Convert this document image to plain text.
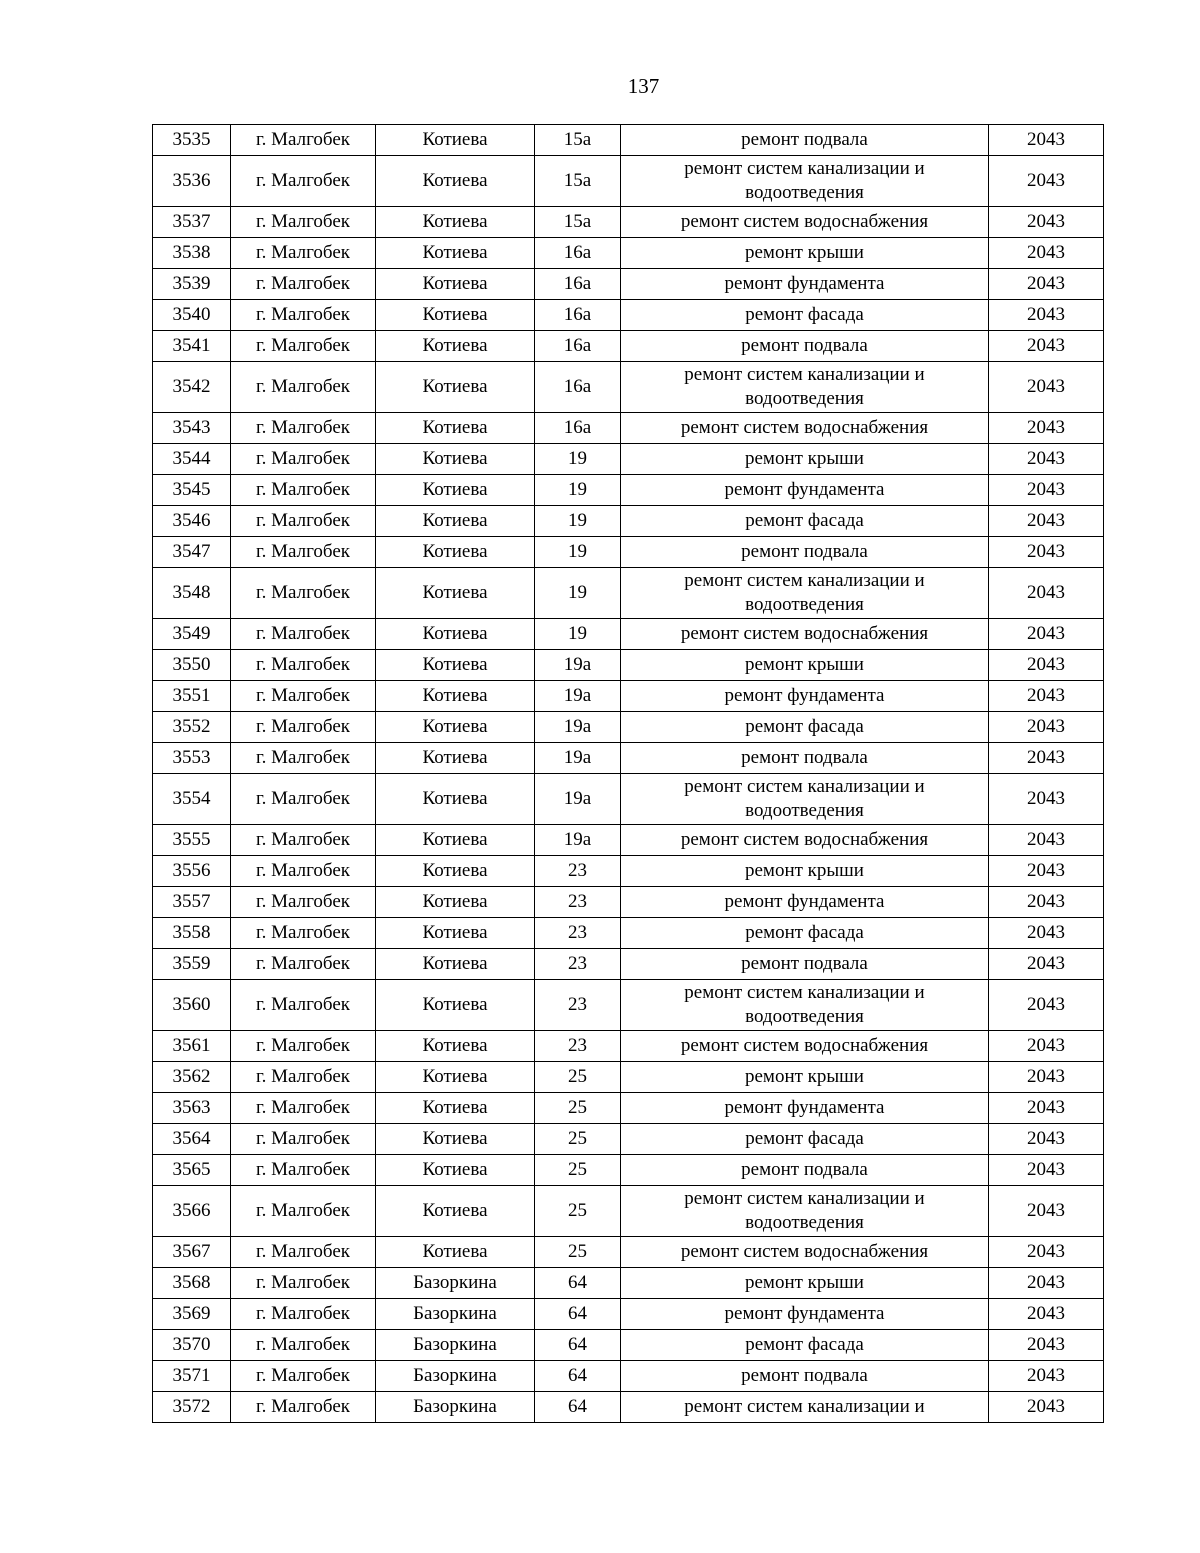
137
3535	г. Малгобек	Котиева	15а	ремонт подвала	2043
3536	г. Малгобек	Котиева	15а	ремонт систем канализации и водоотведения	2043
3537	г. Малгобек	Котиева	15а	ремонт систем водоснабжения	2043
3538	г. Малгобек	Котиева	16а	ремонт крыши	2043
3539	г. Малгобек	Котиева	16а	ремонт фундамента	2043
3540	г. Малгобек	Котиева	16а	ремонт фасада	2043
3541	г. Малгобек	Котиева	16а	ремонт подвала	2043
3542	г. Малгобек	Котиева	16а	ремонт систем канализации и водоотведения	2043
3543	г. Малгобек	Котиева	16а	ремонт систем водоснабжения	2043
3544	г. Малгобек	Котиева	19	ремонт крыши	2043
3545	г. Малгобек	Котиева	19	ремонт фундамента	2043
3546	г. Малгобек	Котиева	19	ремонт фасада	2043
3547	г. Малгобек	Котиева	19	ремонт подвала	2043
3548	г. Малгобек	Котиева	19	ремонт систем канализации и водоотведения	2043
3549	г. Малгобек	Котиева	19	ремонт систем водоснабжения	2043
3550	г. Малгобек	Котиева	19а	ремонт крыши	2043
3551	г. Малгобек	Котиева	19а	ремонт фундамента	2043
3552	г. Малгобек	Котиева	19а	ремонт фасада	2043
3553	г. Малгобек	Котиева	19а	ремонт подвала	2043
3554	г. Малгобек	Котиева	19а	ремонт систем канализации и водоотведения	2043
3555	г. Малгобек	Котиева	19а	ремонт систем водоснабжения	2043
3556	г. Малгобек	Котиева	23	ремонт крыши	2043
3557	г. Малгобек	Котиева	23	ремонт фундамента	2043
3558	г. Малгобек	Котиева	23	ремонт фасада	2043
3559	г. Малгобек	Котиева	23	ремонт подвала	2043
3560	г. Малгобек	Котиева	23	ремонт систем канализации и водоотведения	2043
3561	г. Малгобек	Котиева	23	ремонт систем водоснабжения	2043
3562	г. Малгобек	Котиева	25	ремонт крыши	2043
3563	г. Малгобек	Котиева	25	ремонт фундамента	2043
3564	г. Малгобек	Котиева	25	ремонт фасада	2043
3565	г. Малгобек	Котиева	25	ремонт подвала	2043
3566	г. Малгобек	Котиева	25	ремонт систем канализации и водоотведения	2043
3567	г. Малгобек	Котиева	25	ремонт систем водоснабжения	2043
3568	г. Малгобек	Базоркина	64	ремонт крыши	2043
3569	г. Малгобек	Базоркина	64	ремонт фундамента	2043
3570	г. Малгобек	Базоркина	64	ремонт фасада	2043
3571	г. Малгобек	Базоркина	64	ремонт подвала	2043
3572	г. Малгобек	Базоркина	64	ремонт систем канализации и	2043
